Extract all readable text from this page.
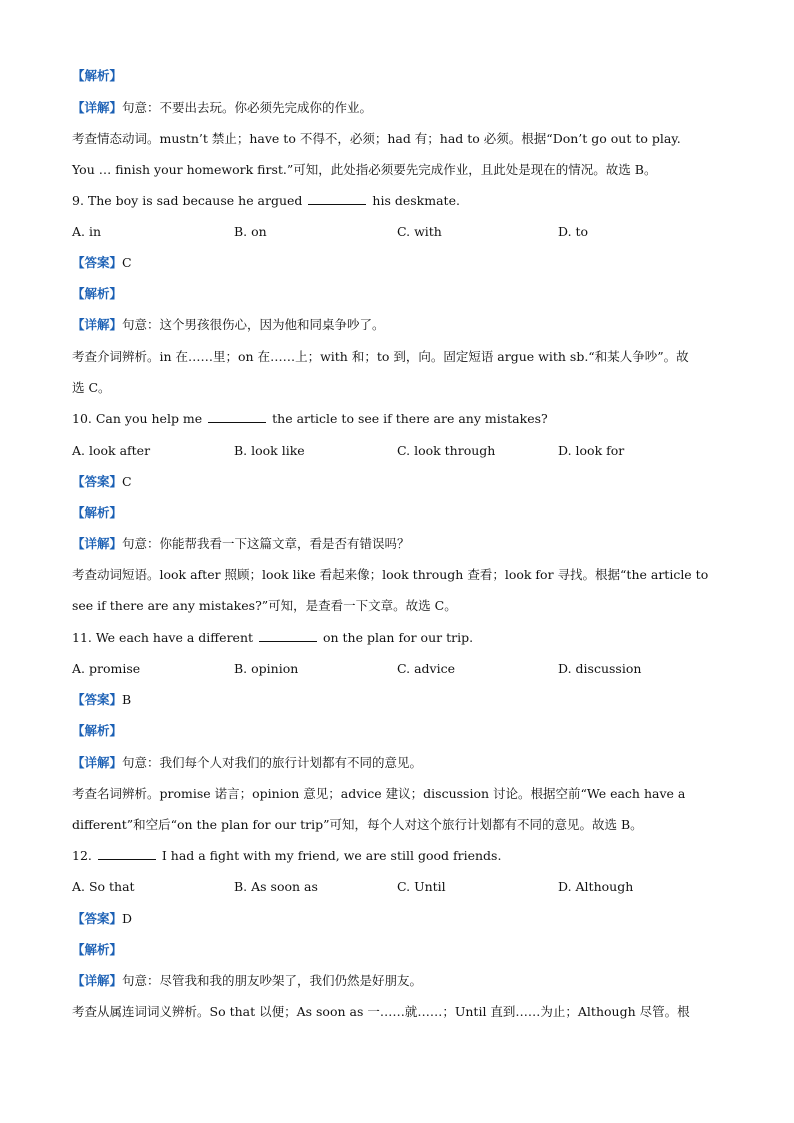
【解析】
【详解】句意：不要出去玩。你必须先完成你的作业。
考查情态动词。mustn’t 禁止；have to 不得不，必须；had 有；had to 必须。根据“Don’t go out to play.
You … finish your homework first.”可知，此处指必须要先完成作业，且此处是现在的情况。故选 B。
9. The boy is sad because he argued	his deskmate.
A. in	B. on	C. with	D. to
【答案】C
【解析】
【详解】句意：这个男孩很伤心，因为他和同桌争吵了。
考查介词辨析。in 在……里；on 在……上；with 和；to 到，向。固定短语 argue with sb.“和某人争吵”。故
选 C。
10. Can you help me	the article to see if there are any mistakes?
A. look after	B. look like	C. look through	D. look for
【答案】C
【解析】
【详解】句意：你能帮我看一下这篇文章，看是否有错误吗？
考查动词短语。look after 照顾；look like 看起来像；look through 查看；look for 寻找。根据“the article to
see if there are any mistakes?”可知，是查看一下文章。故选 C。
11. We each have a different	on the plan for our trip.
A. promise	B. opinion	C. advice	D. discussion
【答案】B
【解析】
【详解】句意：我们每个人对我们的旅行计划都有不同的意见。
考查名词辨析。promise 诺言；opinion 意见；advice 建议；discussion 讨论。根据空前“We each have a
different”和空后“on the plan for our trip”可知，每个人对这个旅行计划都有不同的意见。故选 B。
12.	I had a fight with my friend, we are still good friends.
A. So that	B. As soon as	C. Until	D. Although
【答案】D
【解析】
【详解】句意：尽管我和我的朋友吵架了，我们仍然是好朋友。
考查从属连词词义辨析。So that 以便；As soon as 一……就……；Until 直到……为止；Although 尽管。根
